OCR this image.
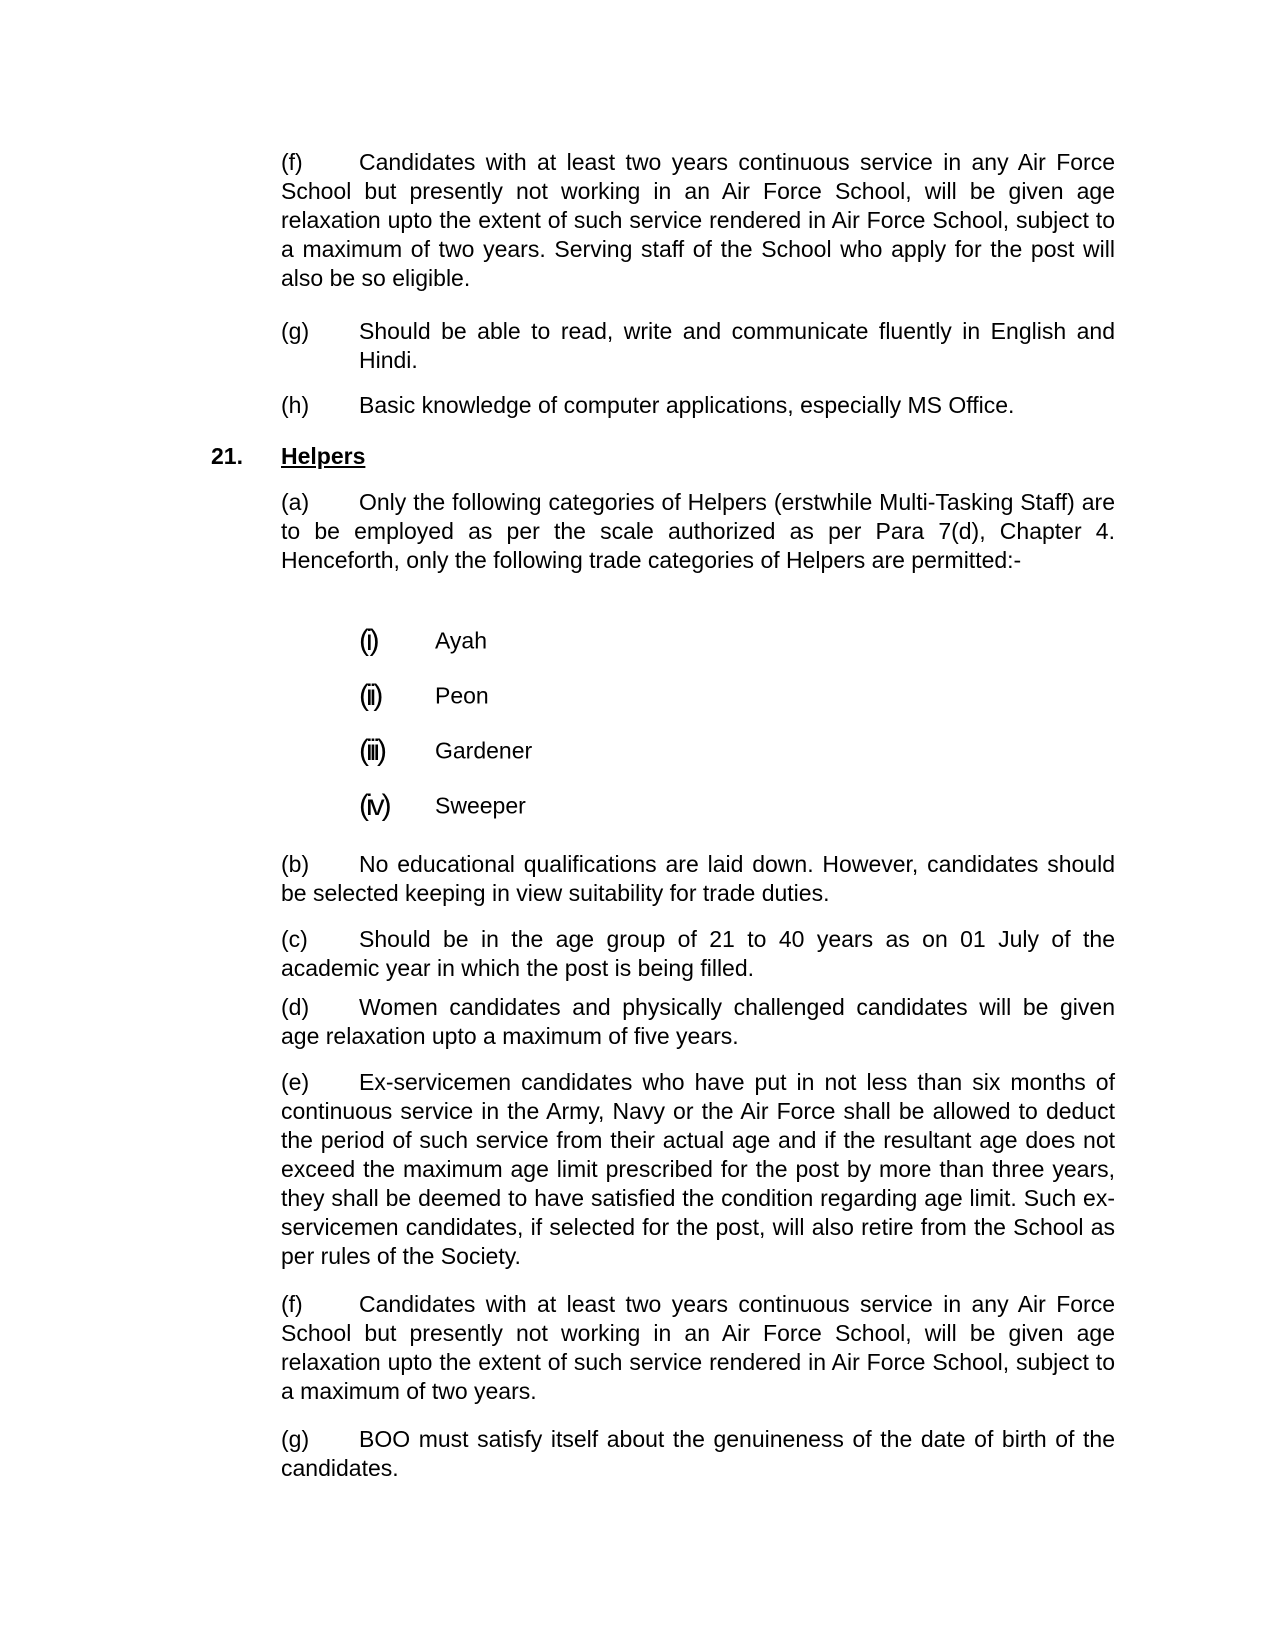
(f) Candidates with at least two years continuous service in any Air Force School but presently not working in an Air Force School, will be given age relaxation upto the extent of such service rendered in Air Force School, subject to a maximum of two years. Serving staff of the School who apply for the post will also be so eligible.

(g) Should be able to read, write and communicate fluently in English and Hindi.
(h) Basic knowledge of computer applications, especially MS Office.

21. Helpers

(a) Only the following categories of Helpers (erstwhile Multi-Tasking Staff) are to be employed as per the scale authorized as per Para 7(d), Chapter 4. Henceforth, only the following trade categories of Helpers are permitted:-

(i)	Ayah

(ii) Peon

(iii) Gardener

(iv) Sweeper

(b) No educational qualifications are laid down. However, candidates should be selected keeping in view suitability for trade duties.

(c) Should be in the age group of 21 to 40 years as on 01 July of the academic year in which the post is being filled.

(d) Women candidates and physically challenged candidates will be given age relaxation upto a maximum of five years.

(e) Ex-servicemen candidates who have put in not less than six months of continuous service in the Army, Navy or the Air Force shall be allowed to deduct the period of such service from their actual age and if the resultant age does not exceed the maximum age limit prescribed for the post by more than three years, they shall be deemed to have satisfied the condition regarding age limit. Such ex-servicemen candidates, if selected for the post, will also retire from the School as per rules of the Society.

(f) Candidates with at least two years continuous service in any Air Force School but presently not working in an Air Force School, will be given age relaxation upto the extent of such service rendered in Air Force School, subject to a maximum of two years.

(g) BOO must satisfy itself about the genuineness of the date of birth of the candidates.
